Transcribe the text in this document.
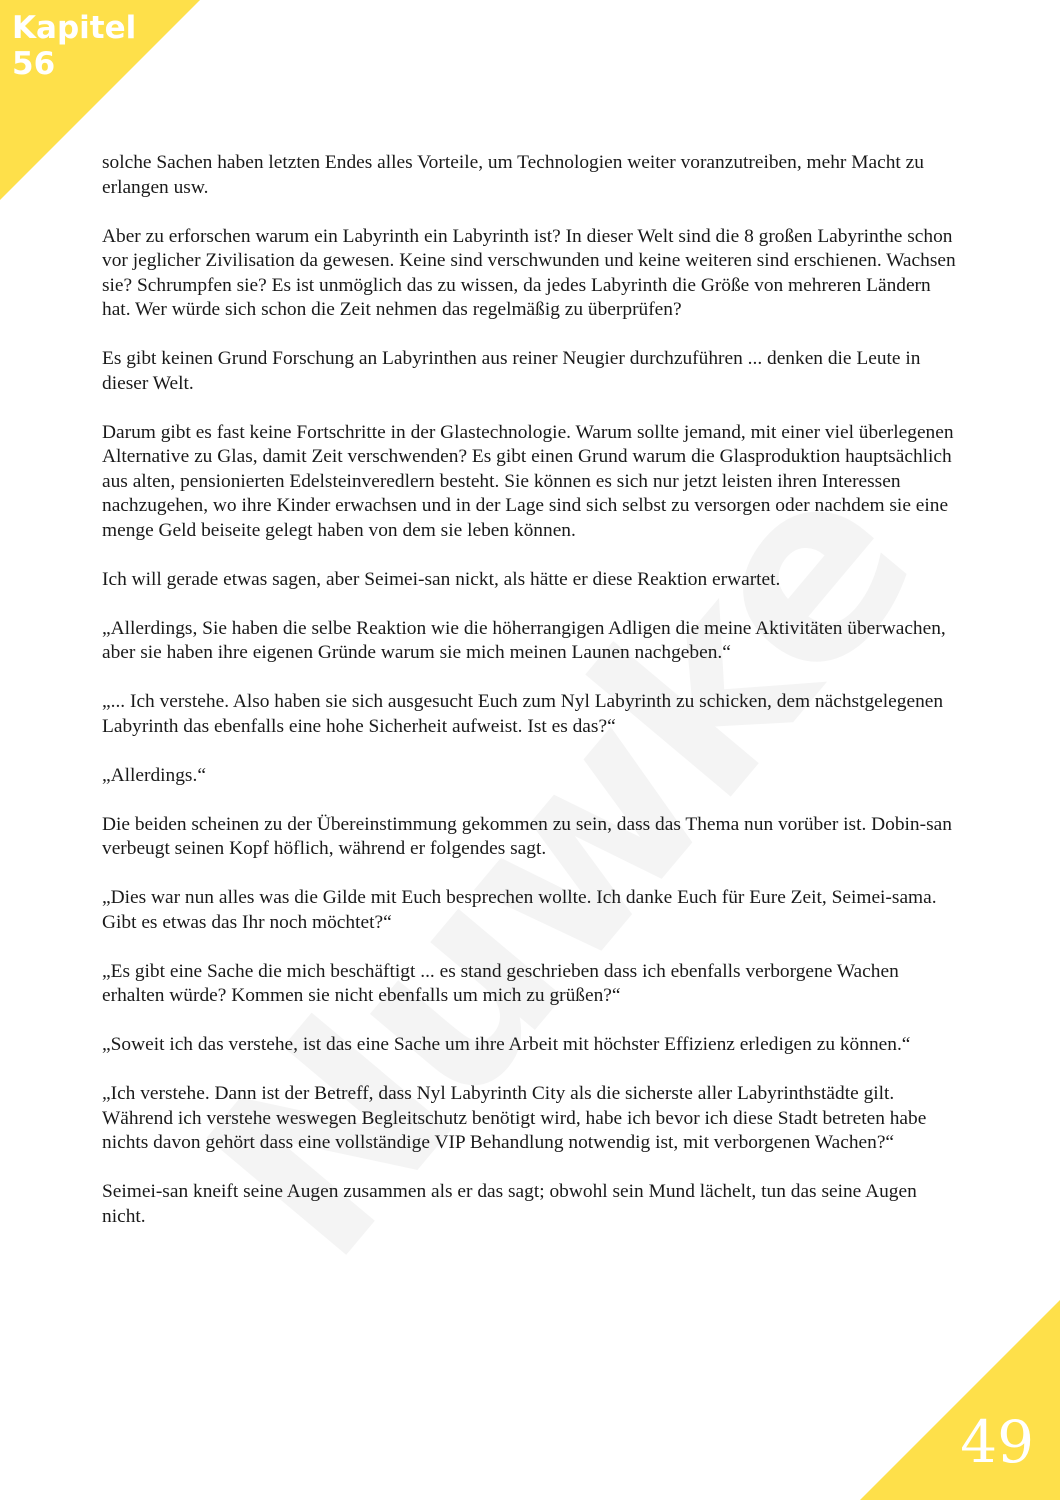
Kapitel
56

solche Sachen haben letzten Endes alles Vorteile, um Technologien weiter voranzutreiben, mehr Macht zu erlangen usw.

Aber zu erforschen warum ein Labyrinth ein Labyrinth ist? In dieser Welt sind die 8 großen Labyrinthe schon vor jeglicher Zivilisation da gewesen. Keine sind verschwunden und keine weiteren sind erschienen. Wachsen sie? Schrumpfen sie? Es ist unmöglich das zu wissen, da jedes Labyrinth die Größe von mehreren Ländern hat. Wer würde sich schon die Zeit nehmen das regelmäßig zu überprüfen?

Es gibt keinen Grund Forschung an Labyrinthen aus reiner Neugier durchzuführen ... denken die Leute in dieser Welt.

Darum gibt es fast keine Fortschritte in der Glastechnologie. Warum sollte jemand, mit einer viel überlegenen Alternative zu Glas, damit Zeit verschwenden? Es gibt einen Grund warum die Glasproduktion hauptsächlich aus alten, pensionierten Edelsteinveredlern besteht. Sie können es sich nur jetzt leisten ihren Interessen nachzugehen, wo ihre Kinder erwachsen und in der Lage sind sich selbst zu versorgen oder nachdem sie eine menge Geld beiseite gelegt haben von dem sie leben können.

Ich will gerade etwas sagen, aber Seimei-san nickt, als hätte er diese Reaktion erwartet.

„Allerdings, Sie haben die selbe Reaktion wie die höherrangigen Adligen die meine Aktivitäten überwachen, aber sie haben ihre eigenen Gründe warum sie mich meinen Launen nachgeben.“

„... Ich verstehe. Also haben sie sich ausgesucht Euch zum Nyl Labyrinth zu schicken, dem nächstgelegenen Labyrinth das ebenfalls eine hohe Sicherheit aufweist. Ist es das?“

„Allerdings.“

Die beiden scheinen zu der Übereinstimmung gekommen zu sein, dass das Thema nun vorüber ist. Dobin-san verbeugt seinen Kopf höflich, während er folgendes sagt.

„Dies war nun alles was die Gilde mit Euch besprechen wollte. Ich danke Euch für Eure Zeit, Seimei-sama. Gibt es etwas das Ihr noch möchtet?“

„Es gibt eine Sache die mich beschäftigt ... es stand geschrieben dass ich ebenfalls verborgene Wachen erhalten würde? Kommen sie nicht ebenfalls um mich zu grüßen?“

„Soweit ich das verstehe, ist das eine Sache um ihre Arbeit mit höchster Effizienz erledigen zu können.“

„Ich verstehe. Dann ist der Betreff, dass Nyl Labyrinth City als die sicherste aller Labyrinthstädte gilt. Während ich verstehe weswegen Begleitschutz benötigt wird, habe ich bevor ich diese Stadt betreten habe nichts davon gehört dass eine vollständige VIP Behandlung notwendig ist, mit verborgenen Wachen?“

Seimei-san kneift seine Augen zusammen als er das sagt; obwohl sein Mund lächelt, tun das seine Augen nicht.

49
